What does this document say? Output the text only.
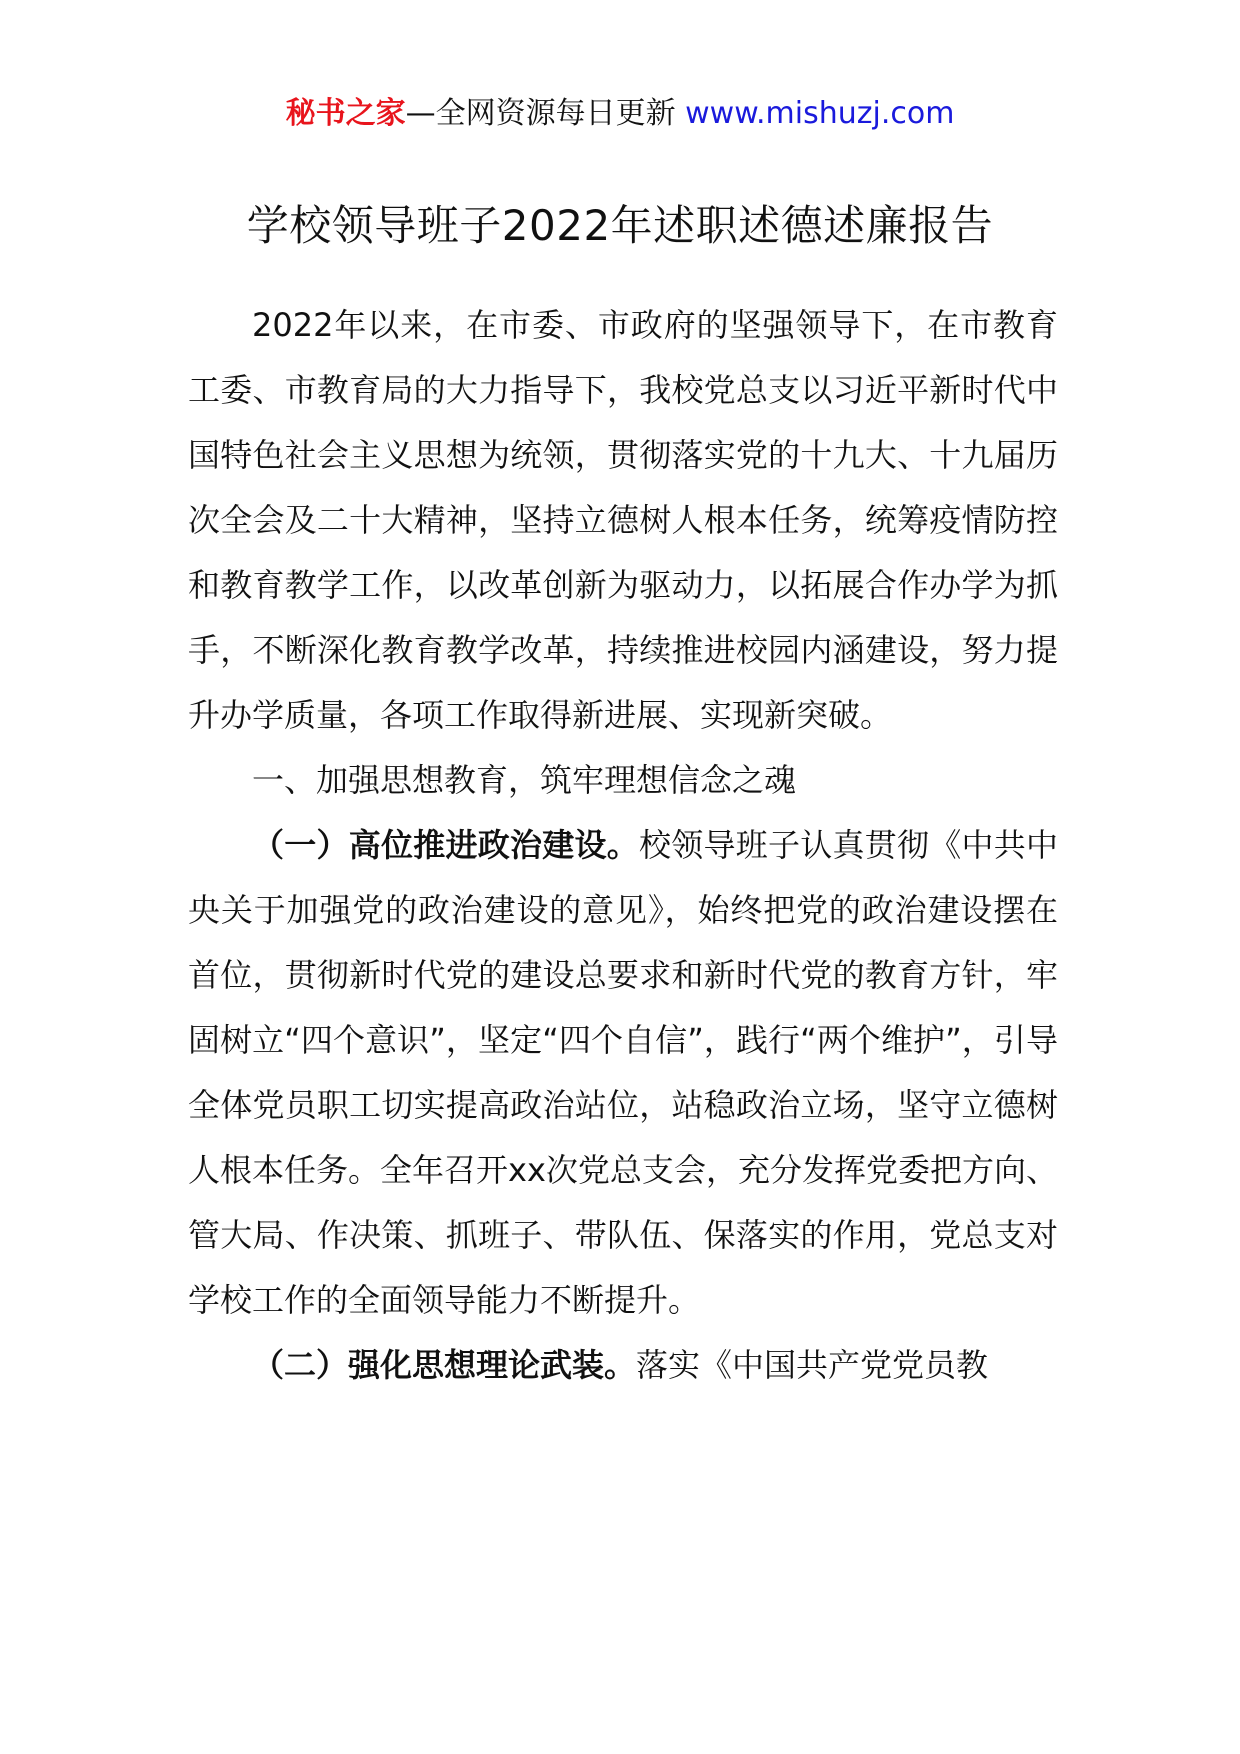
秘书之家—全网资源每日更新 www.mishuzj.com
学校领导班子2022年述职述德述廉报告

2022年以来，在市委、市政府的坚强领导下，在市教育工委、市教育局的大力指导下，我校党总支以习近平新时代中国特色社会主义思想为统领，贯彻落实党的十九大、十九届历次全会及二十大精神，坚持立德树人根本任务，统筹疫情防控和教育教学工作，以改革创新为驱动力，以拓展合作办学为抓手，不断深化教育教学改革，持续推进校园内涵建设，努力提升办学质量，各项工作取得新进展、实现新突破。

一、加强思想教育，筑牢理想信念之魂

（一）高位推进政治建设。校领导班子认真贯彻《中共中央关于加强党的政治建设的意见》，始终把党的政治建设摆在首位，贯彻新时代党的建设总要求和新时代党的教育方针，牢固树立“四个意识”，坚定“四个自信”，践行“两个维护”，引导全体党员职工切实提高政治站位，站稳政治立场，坚守立德树人根本任务。全年召开xx次党总支会，充分发挥党委把方向、管大局、作决策、抓班子、带队伍、保落实的作用，党总支对学校工作的全面领导能力不断提升。

（二）强化思想理论武装。落实《中国共产党党员教
